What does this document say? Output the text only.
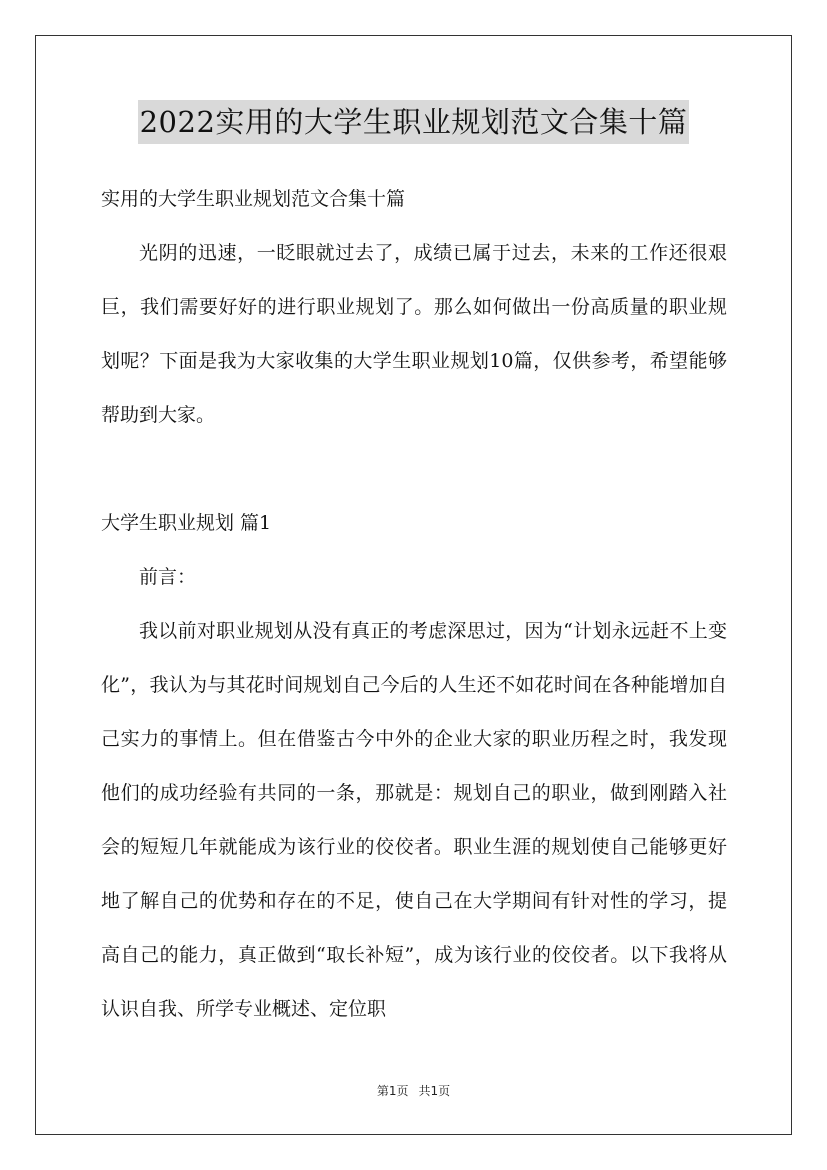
2022实用的大学生职业规划范文合集十篇

实用的大学生职业规划范文合集十篇

光阴的迅速，一眨眼就过去了，成绩已属于过去，未来的工作还很艰巨，我们需要好好的进行职业规划了。那么如何做出一份高质量的职业规划呢？下面是我为大家收集的大学生职业规划10篇，仅供参考，希望能够帮助到大家。

大学生职业规划 篇1

前言：

我以前对职业规划从没有真正的考虑深思过，因为“计划永远赶不上变化”，我认为与其花时间规划自己今后的人生还不如花时间在各种能增加自己实力的事情上。但在借鉴古今中外的企业大家的职业历程之时，我发现他们的成功经验有共同的一条，那就是：规划自己的职业，做到刚踏入社会的短短几年就能成为该行业的佼佼者。职业生涯的规划使自己能够更好地了解自己的优势和存在的不足，使自己在大学期间有针对性的学习，提高自己的能力，真正做到“取长补短”，成为该行业的佼佼者。以下我将从认识自我、所学专业概述、定位职

第1页 共1页
